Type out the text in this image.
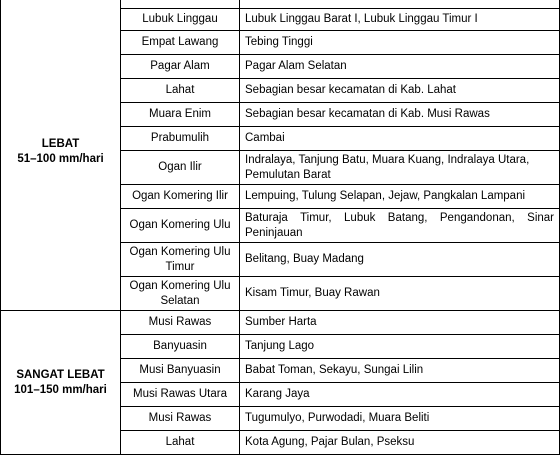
LEBAT
51–100 mm/hari		

	Lubuk Linggau	Lubuk Linggau Barat I, Lubuk Linggau Timur I
	Empat Lawang	Tebing Tinggi
	Pagar Alam	Pagar Alam Selatan
	Lahat	Sebagian besar kecamatan di Kab. Lahat
	Muara Enim	Sebagian besar kecamatan di Kab. Musi Rawas
	Prabumulih	Cambai
	Ogan Ilir	Indralaya, Tanjung Batu, Muara Kuang, Indralaya Utara, Pemulutan Barat
	Ogan Komering Ilir	Lempuing, Tulung Selapan, Jejaw, Pangkalan Lampani
	Ogan Komering Ulu	Baturaja Timur, Lubuk Batang, Pengandonan, Sinar Peninjauan
	Ogan Komering Ulu Timur	Belitang, Buay Madang
	Ogan Komering Ulu Selatan	Kisam Timur, Buay Rawan

SANGAT LEBAT
101–150 mm/hari	Musi Rawas	Sumber Harta
	Banyuasin	Tanjung Lago
	Musi Banyuasin	Babat Toman, Sekayu, Sungai Lilin
	Musi Rawas Utara	Karang Jaya
	Musi Rawas	Tugumulyo, Purwodadi, Muara Beliti
	Lahat	Kota Agung, Pajar Bulan, Pseksu
